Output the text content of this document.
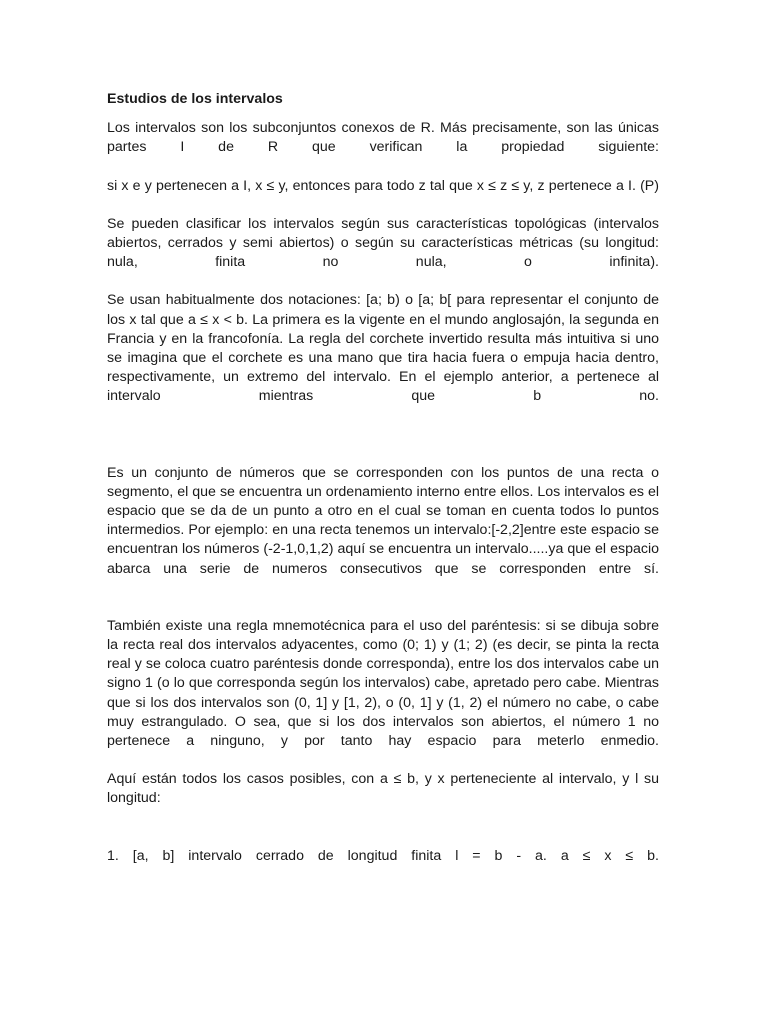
Estudios de los intervalos

Los intervalos son los subconjuntos conexos de R. Más precisamente, son las únicas partes I de R que verifican la propiedad siguiente:

si x e y pertenecen a I, x ≤ y, entonces para todo z tal que x ≤ z ≤ y, z pertenece a I. (P)

Se pueden clasificar los intervalos según sus características topológicas (intervalos abiertos, cerrados y semi abiertos) o según su características métricas (su longitud: nula, finita no nula, o infinita).

Se usan habitualmente dos notaciones: [a; b) o [a; b[ para representar el conjunto de los x tal que a ≤ x < b. La primera es la vigente en el mundo anglosajón, la segunda en Francia y en la francofonía. La regla del corchete invertido resulta más intuitiva si uno se imagina que el corchete es una mano que tira hacia fuera o empuja hacia dentro, respectivamente, un extremo del intervalo. En el ejemplo anterior, a pertenece al intervalo mientras que b no.

Es un conjunto de números que se corresponden con los puntos de una recta o segmento, el que se encuentra un ordenamiento interno entre ellos. Los intervalos es el espacio que se da de un punto a otro en el cual se toman en cuenta todos lo puntos intermedios. Por ejemplo: en una recta tenemos un intervalo:[-2,2]entre este espacio se encuentran los números (-2-1,0,1,2) aquí se encuentra un intervalo.....ya que el espacio abarca una serie de numeros consecutivos que se corresponden entre sí.

También existe una regla mnemotécnica para el uso del paréntesis: si se dibuja sobre la recta real dos intervalos adyacentes, como (0; 1) y (1; 2) (es decir, se pinta la recta real y se coloca cuatro paréntesis donde corresponda), entre los dos intervalos cabe un signo 1 (o lo que corresponda según los intervalos) cabe, apretado pero cabe. Mientras que si los dos intervalos son (0, 1] y [1, 2), o (0, 1] y (1, 2) el número no cabe, o cabe muy estrangulado. O sea, que si los dos intervalos son abiertos, el número 1 no pertenece a ninguno, y por tanto hay espacio para meterlo enmedio.

Aquí están todos los casos posibles, con a ≤ b, y x perteneciente al intervalo, y l su longitud:

1. [a, b] intervalo cerrado de longitud finita l = b - a. a ≤ x ≤ b.
